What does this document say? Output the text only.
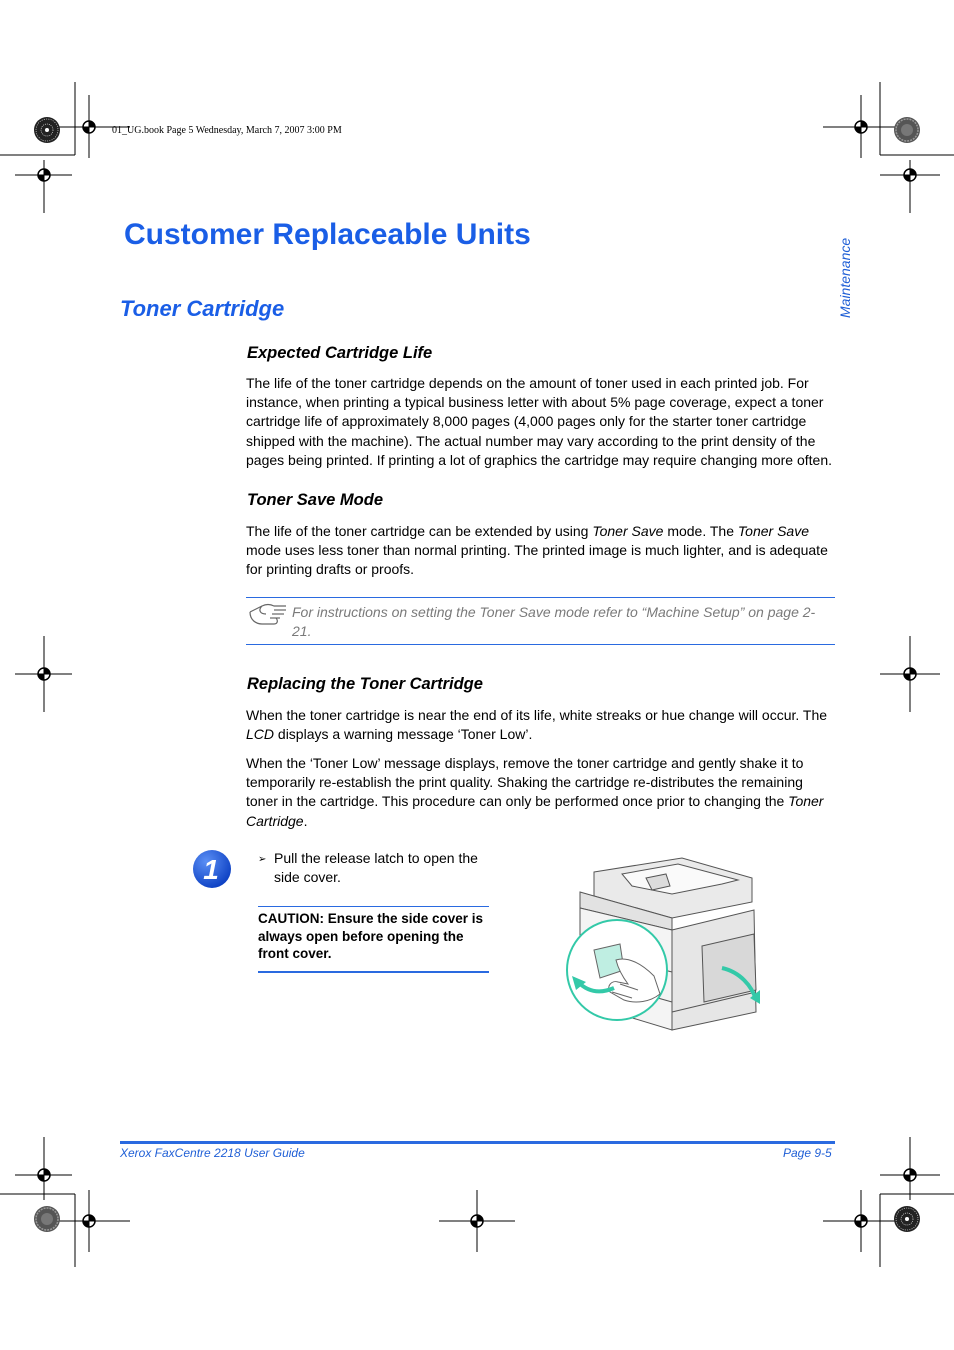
01_UG.book Page 5 Wednesday, March 7, 2007 3:00 PM
Maintenance
Customer Replaceable Units
Toner Cartridge
Expected Cartridge Life

The life of the toner cartridge depends on the amount of toner used in each printed job. For instance, when printing a typical business letter with about 5% page coverage, expect a toner cartridge life of approximately 8,000 pages (4,000 pages only for the starter toner cartridge shipped with the machine). The actual number may vary according to the print density of the pages being printed. If printing a lot of graphics the cartridge may require changing more often.

Toner Save Mode

The life of the toner cartridge can be extended by using Toner Save mode. The Toner Save mode uses less toner than normal printing. The printed image is much lighter, and is adequate for printing drafts or proofs.

For instructions on setting the Toner Save mode refer to “Machine Setup” on page 2-21.
Replacing the Toner Cartridge

When the toner cartridge is near the end of its life, white streaks or hue change will occur. The LCD displays a warning message ‘Toner Low’.

When the ‘Toner Low’ message displays, remove the toner cartridge and gently shake it to temporarily re-establish the print quality. Shaking the cartridge re-distributes the remaining toner in the cartridge. This procedure can only be performed once prior to changing the Toner Cartridge.

1	➢ Pull the release latch to open the side cover.
CAUTION: Ensure the side cover is always open before opening the front cover.
Xerox FaxCentre 2218 User Guide	Page 9-5
